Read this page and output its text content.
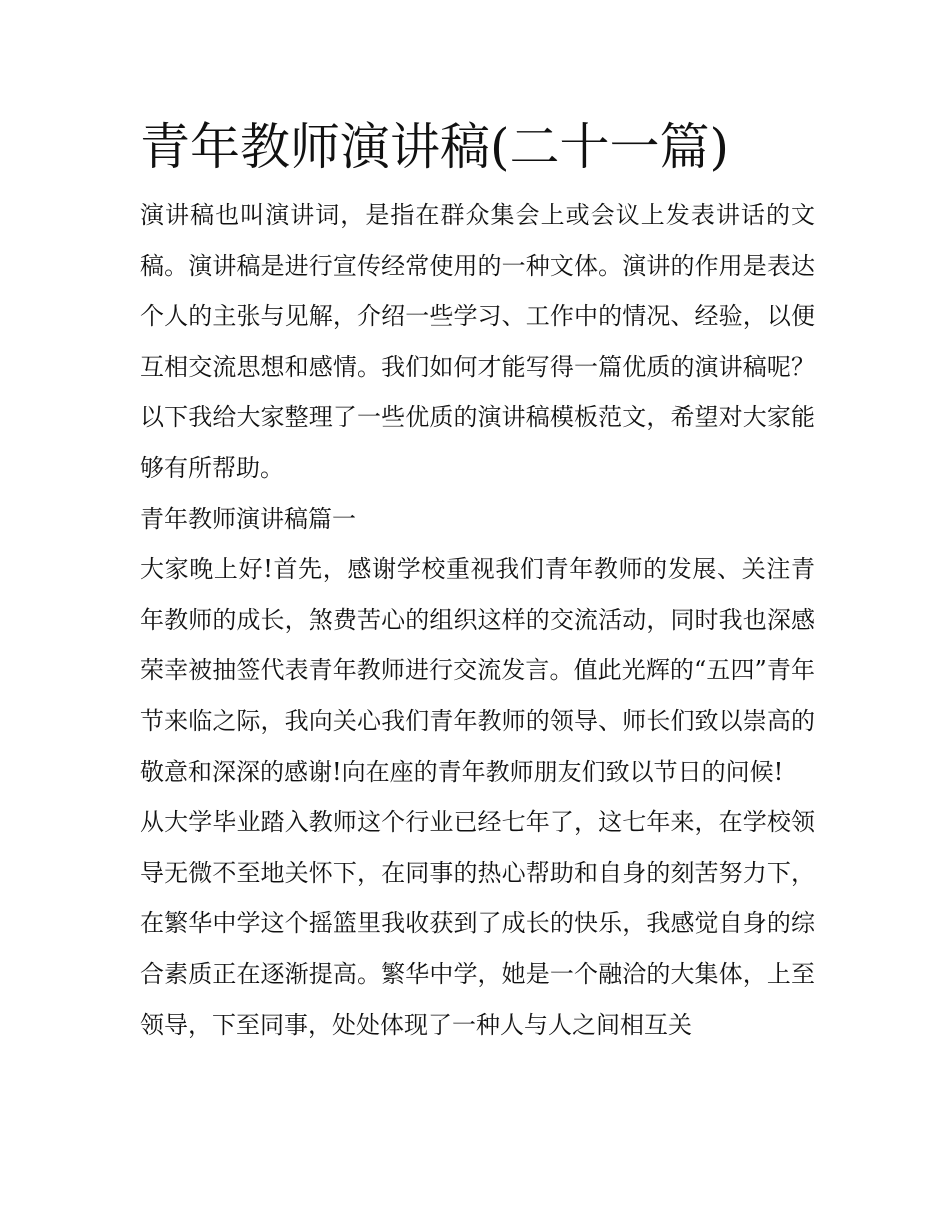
青年教师演讲稿(二十一篇)

演讲稿也叫演讲词，是指在群众集会上或会议上发表讲话的文稿。演讲稿是进行宣传经常使用的一种文体。演讲的作用是表达个人的主张与见解，介绍一些学习、工作中的情况、经验，以便互相交流思想和感情。我们如何才能写得一篇优质的演讲稿呢？以下我给大家整理了一些优质的演讲稿模板范文，希望对大家能够有所帮助。

青年教师演讲稿篇一

大家晚上好!首先，感谢学校重视我们青年教师的发展、关注青年教师的成长，煞费苦心的组织这样的交流活动，同时我也深感荣幸被抽签代表青年教师进行交流发言。值此光辉的“五四”青年节来临之际，我向关心我们青年教师的领导、师长们致以崇高的敬意和深深的感谢!向在座的青年教师朋友们致以节日的问候!

从大学毕业踏入教师这个行业已经七年了，这七年来，在学校领导无微不至地关怀下，在同事的热心帮助和自身的刻苦努力下，在繁华中学这个摇篮里我收获到了成长的快乐，我感觉自身的综合素质正在逐渐提高。繁华中学，她是一个融洽的大集体，上至领导，下至同事，处处体现了一种人与人之间相互关
